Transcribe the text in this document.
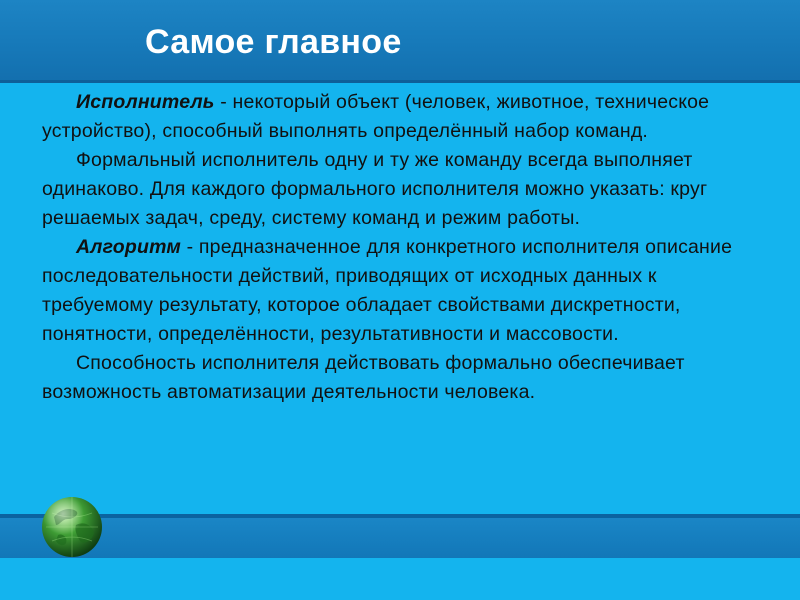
Самое главное

Исполнитель - некоторый объект (человек, животное, техническое устройство), способный выполнять определённый набор команд.

Формальный исполнитель одну и ту же команду всегда выполняет одинаково. Для каждого формального исполнителя можно указать: круг решаемых задач, среду, систему команд и режим работы.

Алгоритм - предназначенное для конкретного исполнителя описание последовательности действий, приводящих от исходных данных к требуемому результату, которое обладает свойствами дискретности, понятности, определённости, результативности и массовости.

Способность исполнителя действовать формально обеспечивает возможность автоматизации деятельности человека.
